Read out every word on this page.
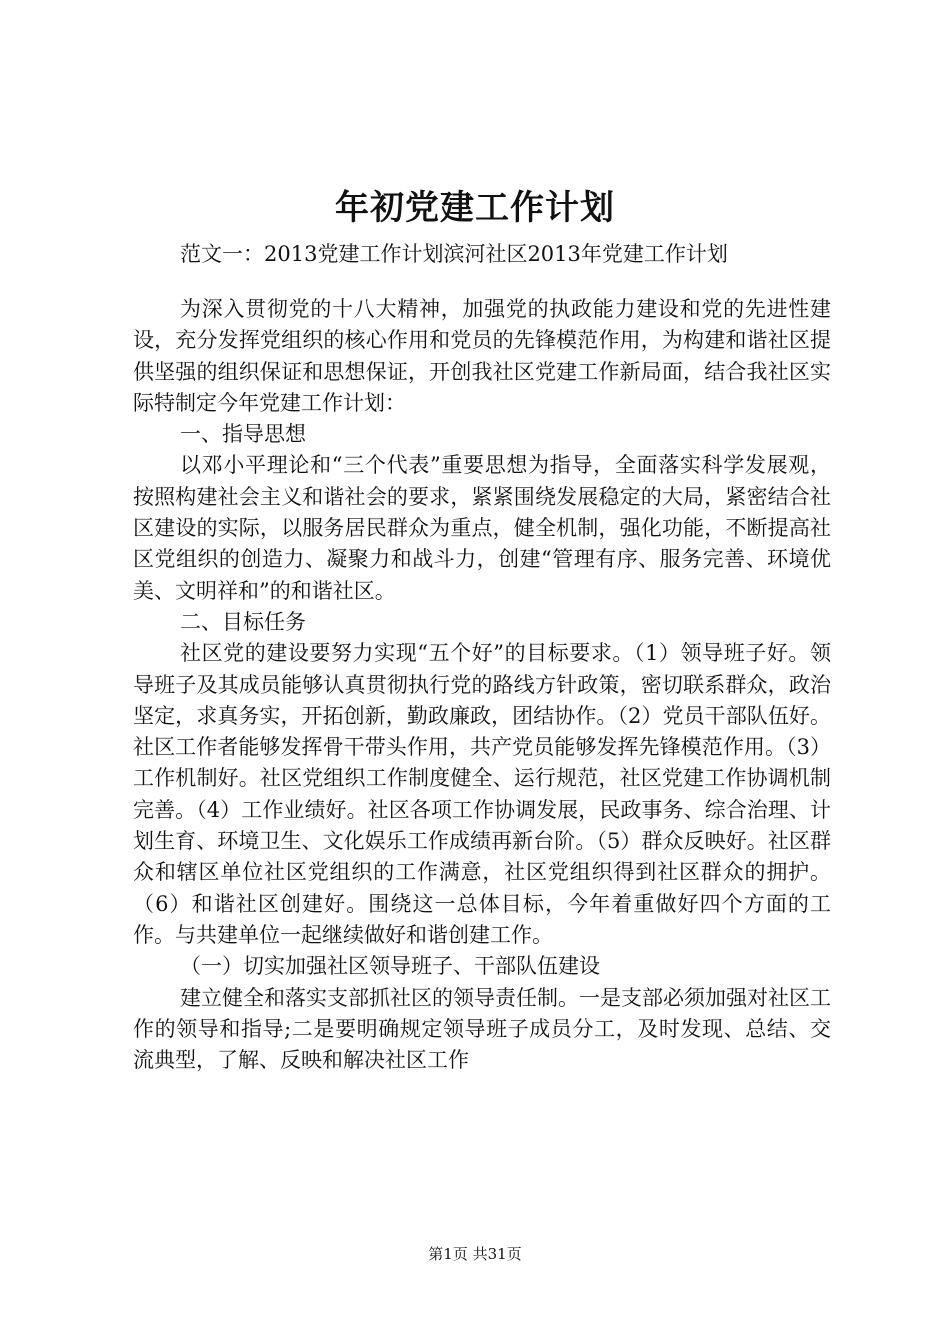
年初党建工作计划
范文一：2013党建工作计划滨河社区2013年党建工作计划

为深入贯彻党的十八大精神，加强党的执政能力建设和党的先进性建设，充分发挥党组织的核心作用和党员的先锋模范作用，为构建和谐社区提供坚强的组织保证和思想保证，开创我社区党建工作新局面，结合我社区实际特制定今年党建工作计划：

一、指导思想

以邓小平理论和“三个代表”重要思想为指导，全面落实科学发展观，按照构建社会主义和谐社会的要求，紧紧围绕发展稳定的大局，紧密结合社区建设的实际，以服务居民群众为重点，健全机制，强化功能，不断提高社区党组织的创造力、凝聚力和战斗力，创建“管理有序、服务完善、环境优美、文明祥和”的和谐社区。

二、目标任务

社区党的建设要努力实现“五个好”的目标要求。（1）领导班子好。领导班子及其成员能够认真贯彻执行党的路线方针政策，密切联系群众，政治坚定，求真务实，开拓创新，勤政廉政，团结协作。（2）党员干部队伍好。社区工作者能够发挥骨干带头作用，共产党员能够发挥先锋模范作用。（3）工作机制好。社区党组织工作制度健全、运行规范，社区党建工作协调机制完善。（4）工作业绩好。社区各项工作协调发展，民政事务、综合治理、计划生育、环境卫生、文化娱乐工作成绩再新台阶。（5）群众反映好。社区群众和辖区单位社区党组织的工作满意，社区党组织得到社区群众的拥护。（6）和谐社区创建好。围绕这一总体目标，今年着重做好四个方面的工作。与共建单位一起继续做好和谐创建工作。

（一）切实加强社区领导班子、干部队伍建设

建立健全和落实支部抓社区的领导责任制。一是支部必须加强对社区工作的领导和指导;二是要明确规定领导班子成员分工，及时发现、总结、交流典型，了解、反映和解决社区工作

第1页 共31页
